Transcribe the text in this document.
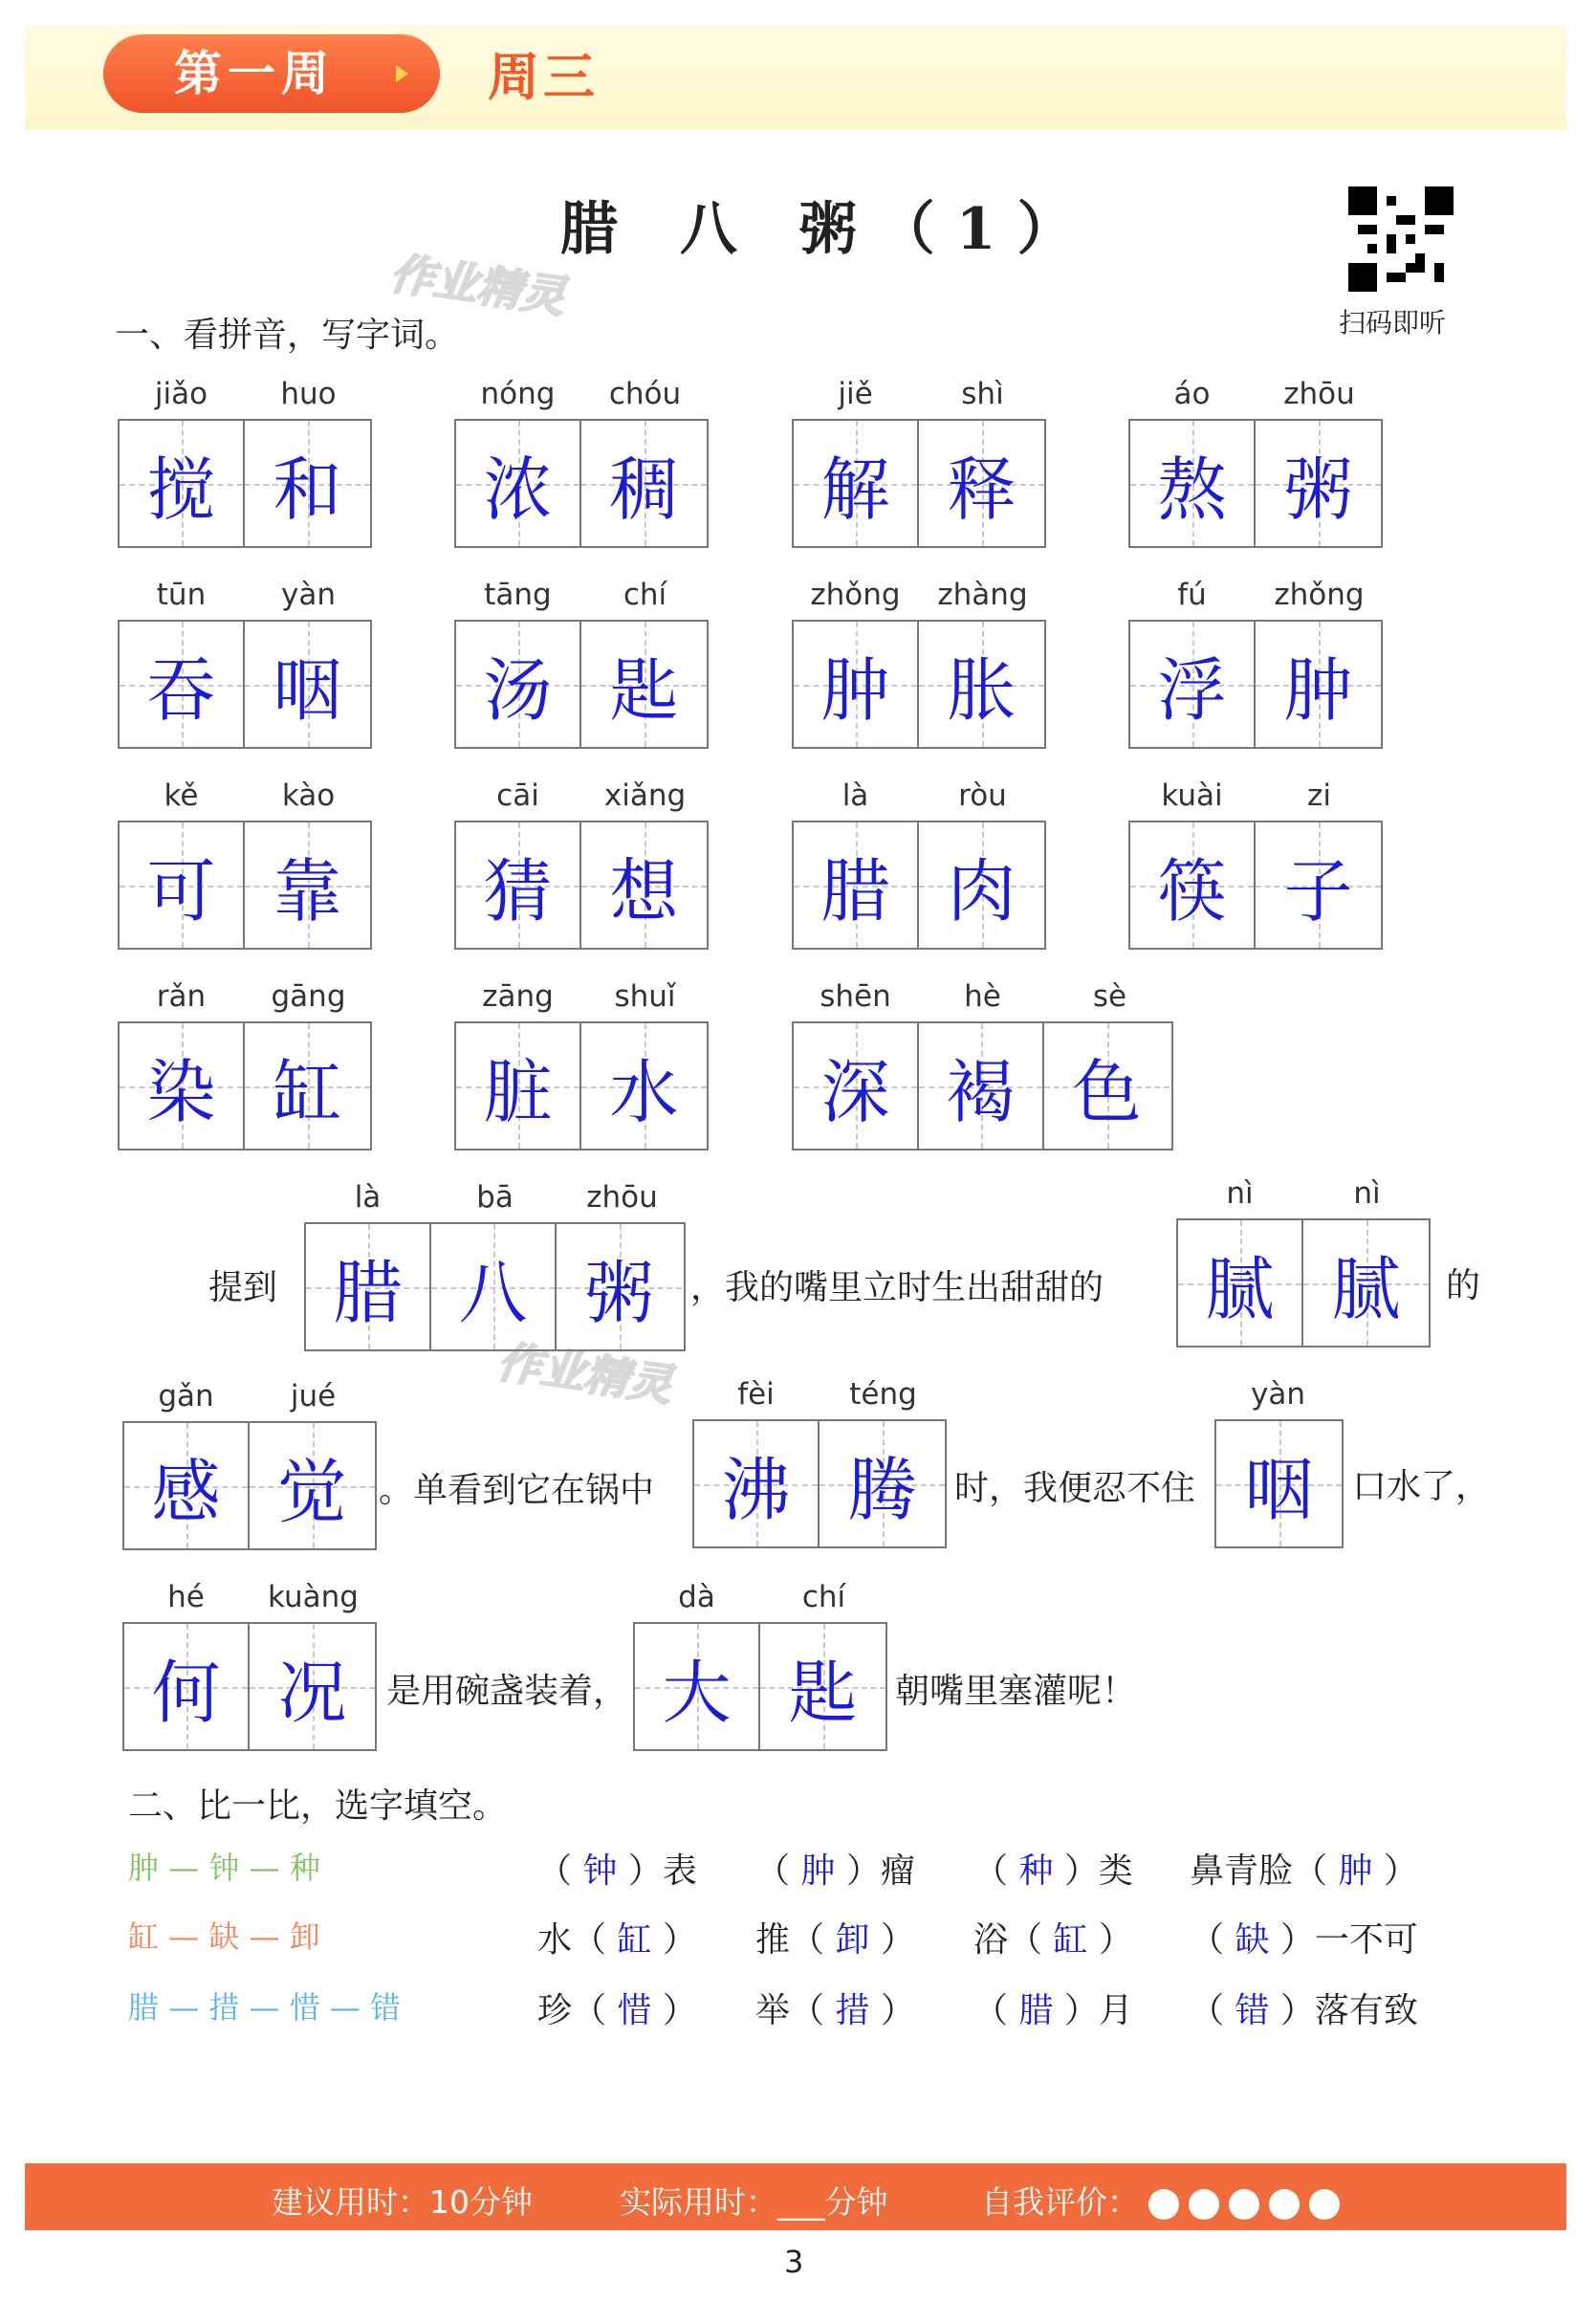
第一周	周三
腊 八 粥（1）
扫码即听
作业精灵
作业精灵
一、看拼音，写字词。
jiǎo	huo
搅 和
nóng	chóu
浓 稠
jiě	shì
解 释
áo	zhōu
熬 粥
tūn	yàn
吞 咽
tāng	chí
汤 匙
zhǒng	zhàng
肿 胀
fú	zhǒng
浮 肿
kě	kào
可 靠
cāi	xiǎng
猜 想
là	ròu
腊 肉
kuài	zi
筷 子
rǎn	gāng
染 缸
zāng	shuǐ
脏 水
shēn	hè	sè
深 褐 色
提到
là	bā	zhōu
腊 八 粥 ，我的嘴里立时生出甜甜的
nì	nì
腻 腻 的
gǎn	jué
感 觉 。单看到它在锅中
fèi	téng
沸 腾 时，我便忍不住
yàn
咽 口水了，
hé	kuàng
何 况 是用碗盏装着，
dà	chí
大 匙 朝嘴里塞灌呢！
二、比一比，选字填空。
肿 — 钟 — 种	（ 钟 ）表 （ 肿 ）瘤 （ 种 ）类 鼻青脸（ 肿 ）
缸 — 缺 — 卸	水（ 缸 ） 推（ 卸 ） 浴（ 缸 ） （ 缺 ）一不可
腊 — 措 — 惜 — 错	珍（ 惜 ） 举（ 措 ） （ 腊 ）月 （ 错 ）落有致
建议用时：10分钟	实际用时：___分钟	自我评价：
3
